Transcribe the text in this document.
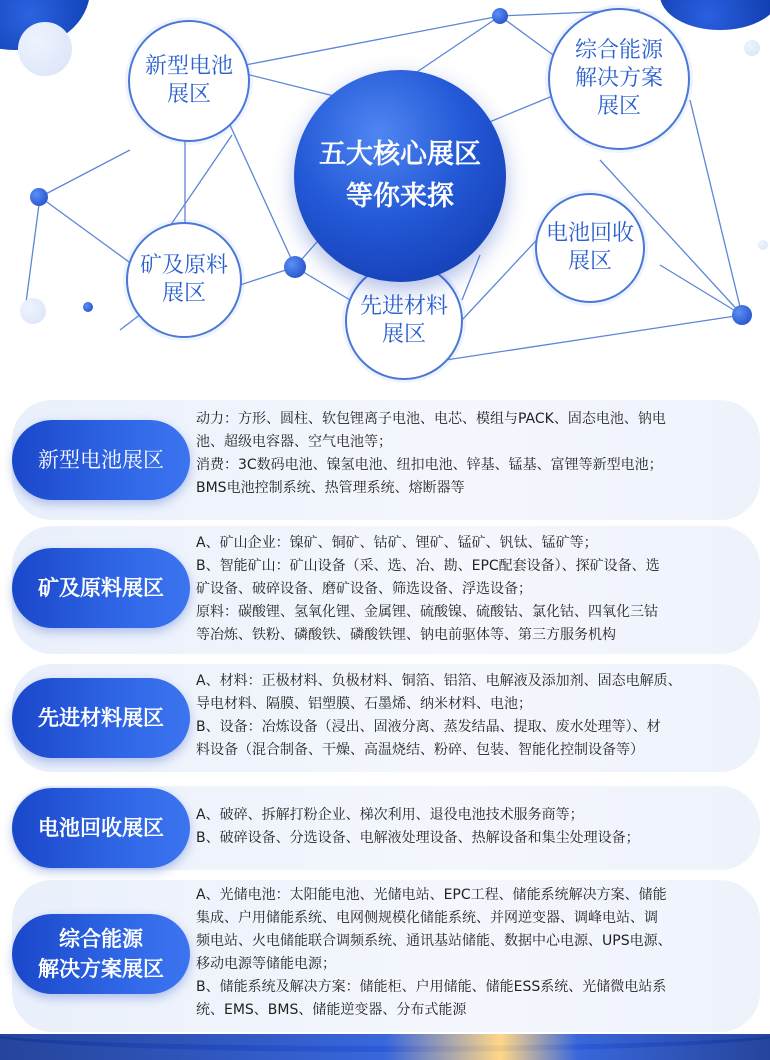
新型电池
展区
综合能源
解决方案
展区
矿及原料
展区
先进材料
展区
电池回收
展区
五大核心展区
等你来探
新型电池展区

动力：方形、圆柱、软包锂离子电池、电芯、模组与PACK、固态电池、钠电

池、超级电容器、空气电池等；

消费：3C数码电池、镍氢电池、纽扣电池、锌基、锰基、富锂等新型电池；

BMS电池控制系统、热管理系统、熔断器等

矿及原料展区

A、矿山企业：镍矿、铜矿、钴矿、锂矿、锰矿、钒钛、锰矿等；

B、智能矿山：矿山设备（采、选、冶、勘、EPC配套设备）、探矿设备、选

矿设备、破碎设备、磨矿设备、筛选设备、浮选设备；

原料：碳酸锂、氢氧化锂、金属锂、硫酸镍、硫酸钴、氯化钴、四氧化三钴

等冶炼、铁粉、磷酸铁、磷酸铁锂、钠电前驱体等、第三方服务机构

先进材料展区

A、材料：正极材料、负极材料、铜箔、铝箔、电解液及添加剂、固态电解质、

导电材料、隔膜、铝塑膜、石墨烯、纳米材料、电池；

B、设备：冶炼设备（浸出、固液分离、蒸发结晶、提取、废水处理等）、材

料设备（混合制备、干燥、高温烧结、粉碎、包装、智能化控制设备等）

电池回收展区

A、破碎、拆解打粉企业、梯次利用、退役电池技术服务商等；

B、破碎设备、分选设备、电解液处理设备、热解设备和集尘处理设备；

综合能源
解决方案展区

A、光储电池：太阳能电池、光储电站、EPC工程、储能系统解决方案、储能

集成、户用储能系统、电网侧规模化储能系统、并网逆变器、调峰电站、调

频电站、火电储能联合调频系统、通讯基站储能、数据中心电源、UPS电源、

移动电源等储能电源；

B、储能系统及解决方案：储能柜、户用储能、储能ESS系统、光储微电站系

统、EMS、BMS、储能逆变器、分布式能源
